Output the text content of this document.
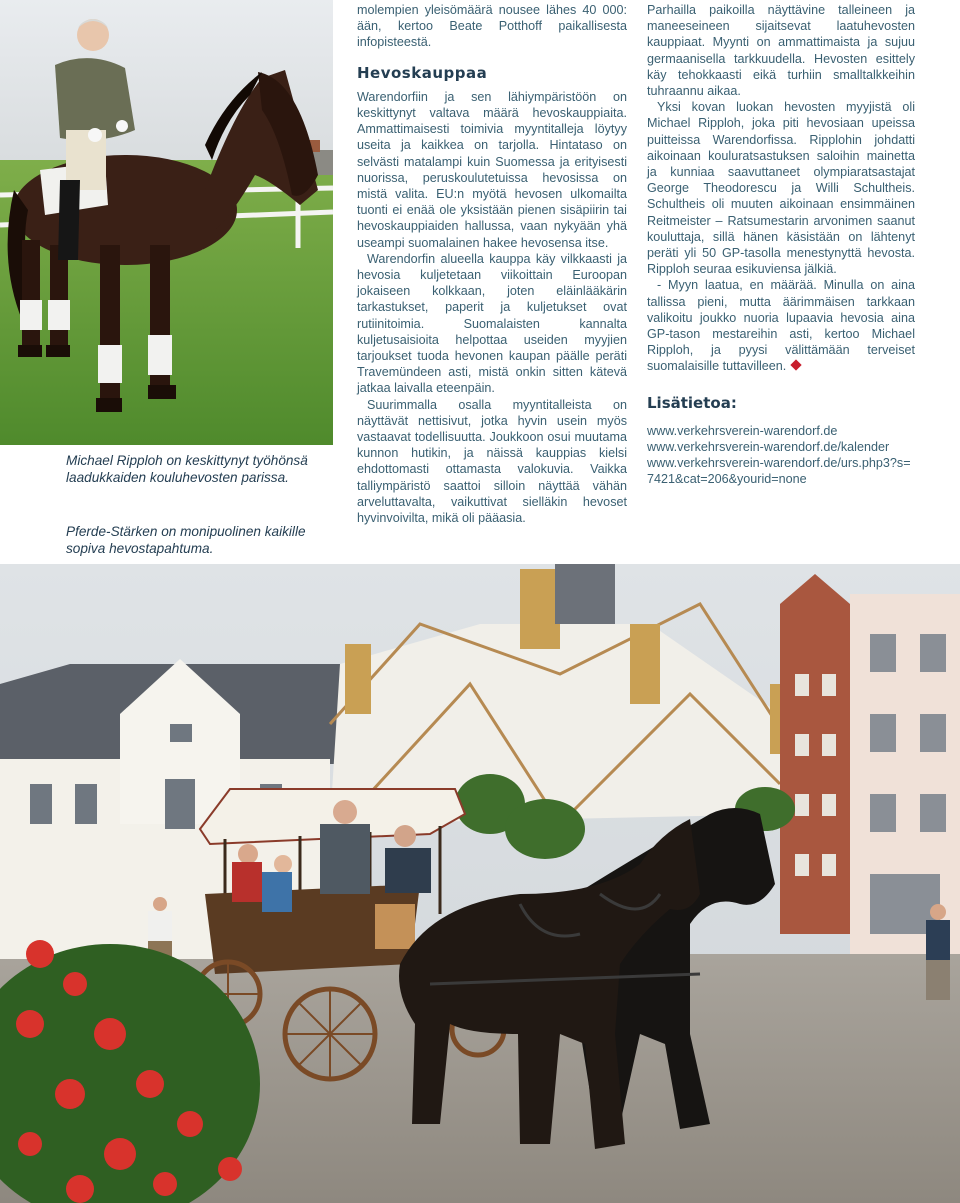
Michael Ripploh on keskittynyt työhönsä laadukkaiden kouluhevosten parissa.
Pferde-Stärken on monipuolinen kaikille sopiva hevostapahtuma.

molempien yleisömäärä nousee lähes 40 000: ään, kertoo Beate Potthoff paikallisesta infopisteestä.

Hevoskauppaa

Warendorfiin ja sen lähiympäristöön on keskittynyt valtava määrä hevoskauppiaita. Ammattimaisesti toimivia myyntitalleja löytyy useita ja kaikkea on tarjolla. Hintataso on selvästi matalampi kuin Suomessa ja erityisesti nuorissa, peruskoulutetuissa hevosissa on mistä valita. EU:n myötä hevosen ulkomailta tuonti ei enää ole yksistään pienen sisäpiirin tai hevoskauppiaiden hallussa, vaan nykyään yhä useampi suomalainen hakee hevosensa itse.

Warendorfin alueella kauppa käy vilkkaasti ja hevosia kuljetetaan viikoittain Euroopan jokaiseen kolkkaan, joten eläinlääkärin tarkastukset, paperit ja kuljetukset ovat rutiinitoimia. Suomalaisten kannalta kuljetusaisioita helpottaa useiden myyjien tarjoukset tuoda hevonen kaupan päälle peräti Travemündeen asti, mistä onkin sitten kätevä jatkaa laivalla eteenpäin.

Suurimmalla osalla myyntitalleista on näyttävät nettisivut, jotka hyvin usein myös vastaavat todellisuutta. Joukkoon osui muutama kunnon hutikin, ja näissä kauppias kielsi ehdottomasti ottamasta valokuvia. Vaikka talliympäristö saattoi silloin näyttää vähän arveluttavalta, vaikuttivat sielläkin hevoset hyvinvoivilta, mikä oli pääasia.

Parhailla paikoilla näyttävine talleineen ja maneeseineen sijaitsevat laatuhevosten kauppiaat. Myynti on ammattimaista ja sujuu germaanisella tarkkuudella. Hevosten esittely käy tehokkaasti eikä turhiin smalltalkkeihin tuhraannu aikaa.

Yksi kovan luokan hevosten myyjistä oli Michael Ripploh, joka piti hevosiaan upeissa puitteissa Warendorfissa. Ripplohin johdatti aikoinaan kouluratsastuksen saloihin mainetta ja kunniaa saavuttaneet olympiaratsastajat George Theodorescu ja Willi Schultheis. Schultheis oli muuten aikoinaan ensimmäinen Reitmeister – Ratsumestarin arvonimen saanut kouluttaja, sillä hänen käsistään on lähtenyt peräti yli 50 GP-tasolla menestynyttä hevosta. Ripploh seuraa esikuviensa jälkiä.

- Myyn laatua, en määrää. Minulla on aina tallissa pieni, mutta äärimmäisen tarkkaan valikoitu joukko nuoria lupaavia hevosia aina GP-tason mestareihin asti, kertoo Michael Ripploh, ja pyysi välittämään terveiset suomalaisille tuttavilleen.

Lisätietoa:
www.verkehrsverein-warendorf.de
www.verkehrsverein-warendorf.de/kalender
www.verkehrsverein-warendorf.de/urs.php3?s=7421&cat=206&yourid=none
